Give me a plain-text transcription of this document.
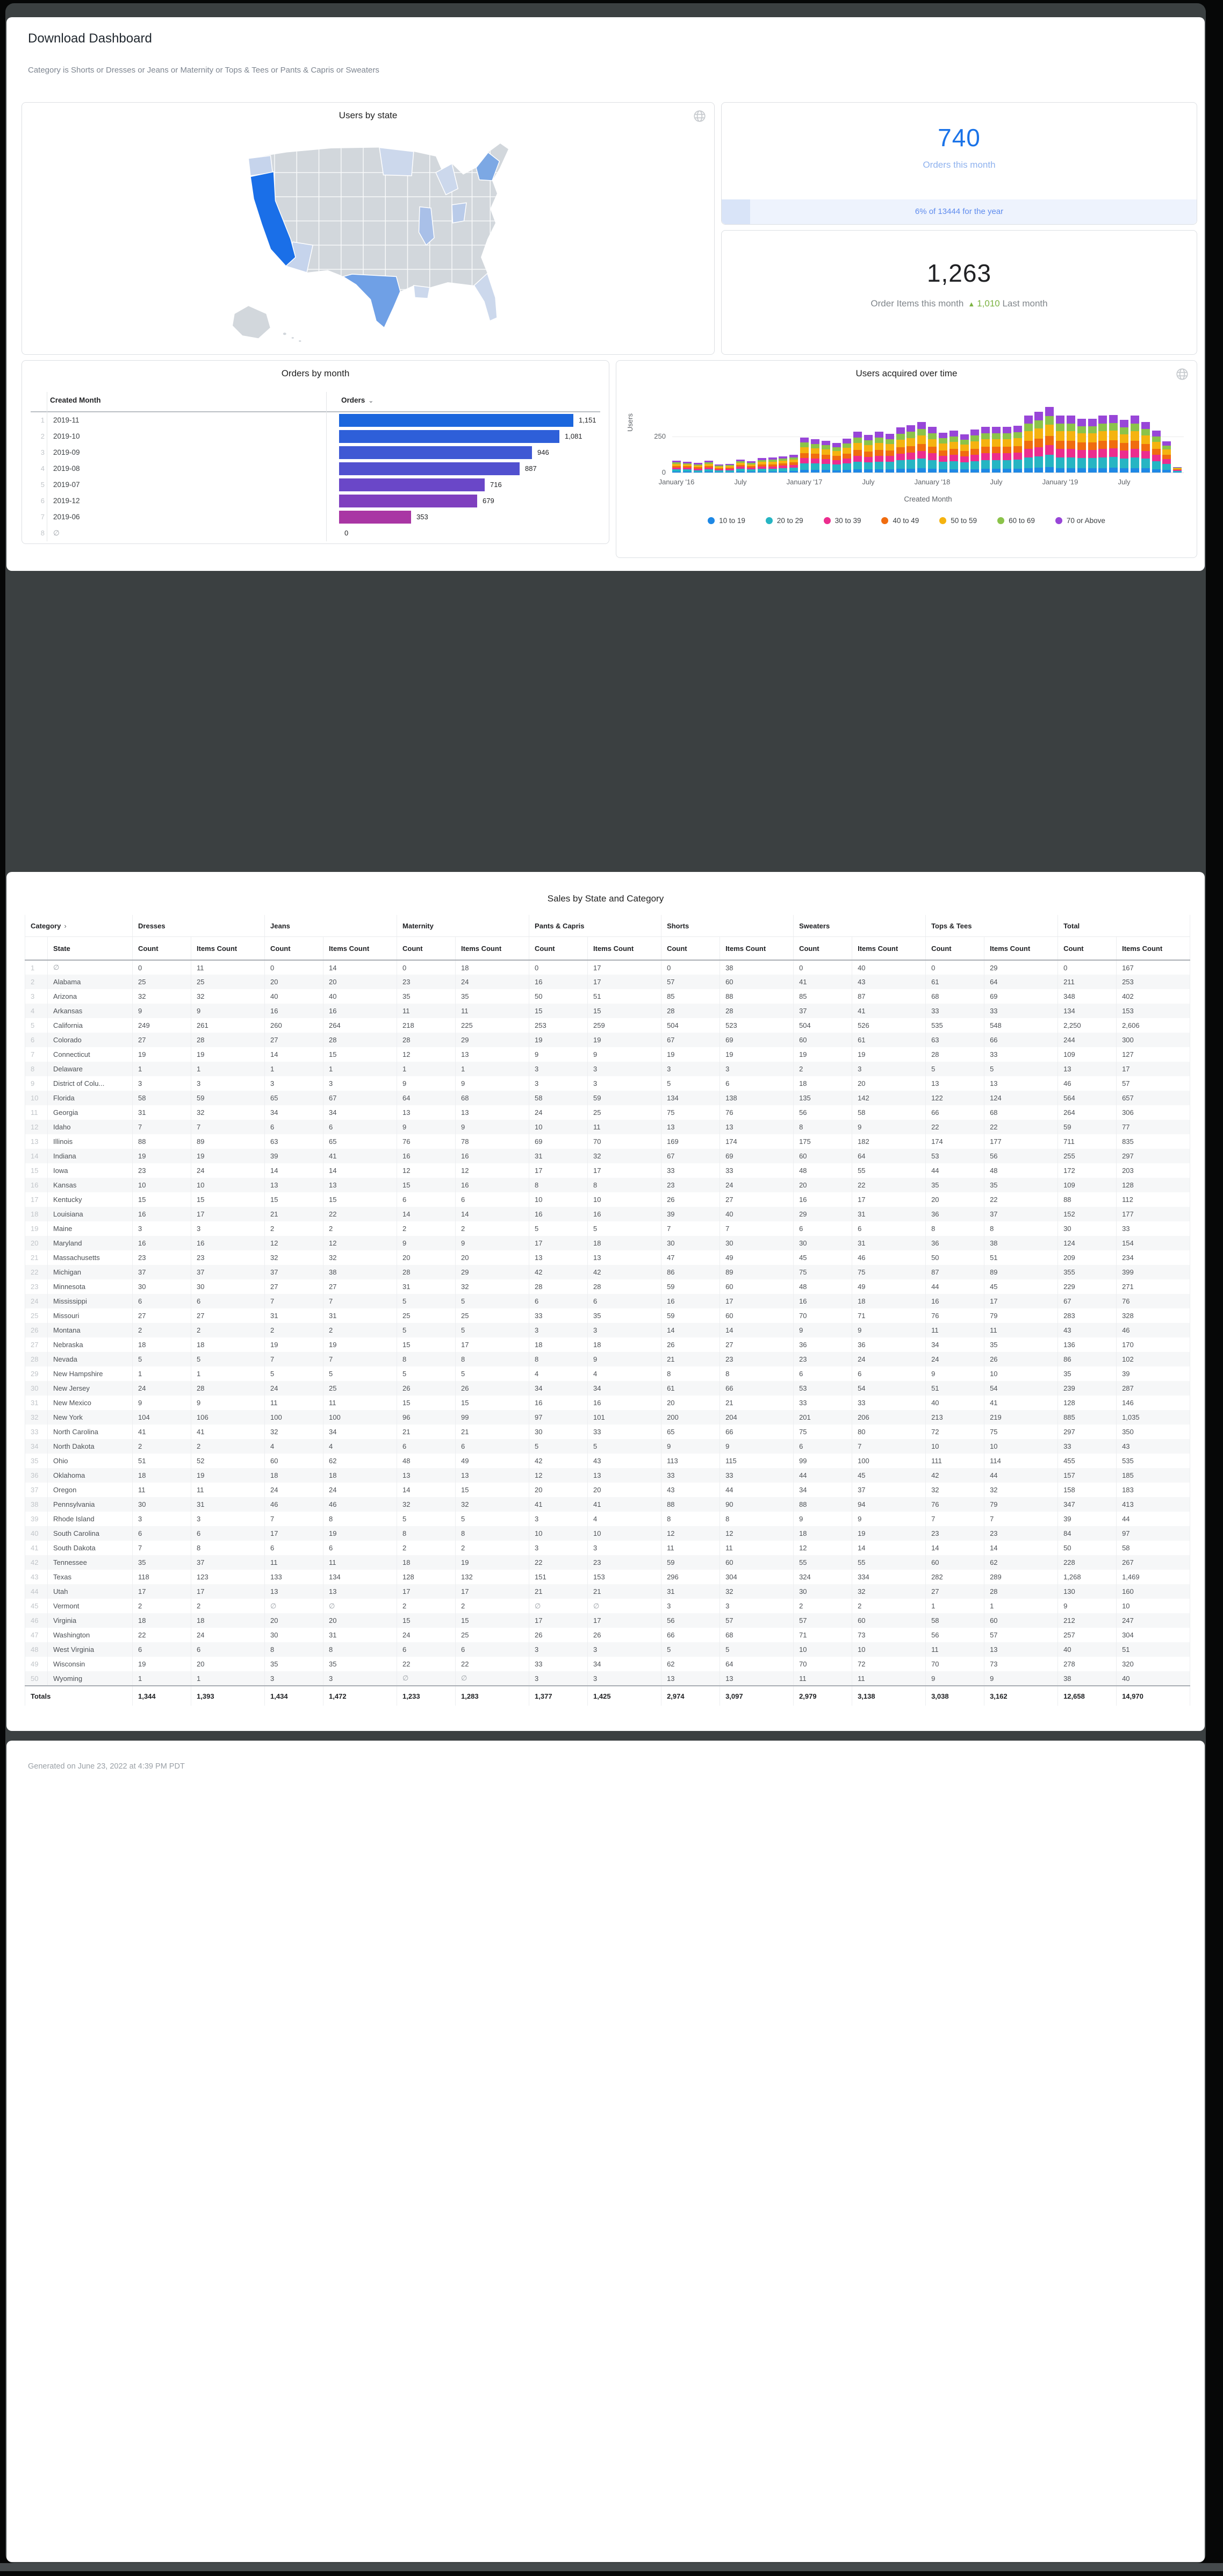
Download Dashboard
Category is Shorts or Dresses or Jeans or Maternity or Tops & Tees or Pants & Capris or Sweaters
Users by state
740
Orders this month
6% of 13444 for the year
1,263
Order Items this month ▲ 1,010 Last month
Orders by month
Created Month	Orders ⌄
1 2019-11	1,151
2 2019-10	1,081
3 2019-09	946
4 2019-08	887
5 2019-07	716
6 2019-12	679
7 2019-06	353
8 ∅	0
Users acquired over time
Users
250
0
January '16	July	January '17	July	January '18	July	January '19	July
Created Month
10 to 19	20 to 29	30 to 39	40 to 49	50 to 59	60 to 69	70 or Above
Sales by State and Category
Category ›		Dresses		Jeans		Maternity		Pants & Capris		Shorts		Sweaters		Tops & Tees		Total	
	State	Count	Items Count	Count	Items Count	Count	Items Count	Count	Items Count	Count	Items Count	Count	Items Count	Count	Items Count	Count	Items Count
1	∅	0	11	0	14	0	18	0	17	0	38	0	40	0	29	0	167
2	Alabama	25	25	20	20	23	24	16	17	57	60	41	43	61	64	211	253
3	Arizona	32	32	40	40	35	35	50	51	85	88	85	87	68	69	348	402
4	Arkansas	9	9	16	16	11	11	15	15	28	28	37	41	33	33	134	153
5	California	249	261	260	264	218	225	253	259	504	523	504	526	535	548	2,250	2,606
6	Colorado	27	28	27	28	28	29	19	19	67	69	60	61	63	66	244	300
7	Connecticut	19	19	14	15	12	13	9	9	19	19	19	19	28	33	109	127
8	Delaware	1	1	1	1	1	1	3	3	3	3	2	3	5	5	13	17
9	District of Colu...	3	3	3	3	9	9	3	3	5	6	18	20	13	13	46	57
10	Florida	58	59	65	67	64	68	58	59	134	138	135	142	122	124	564	657
11	Georgia	31	32	34	34	13	13	24	25	75	76	56	58	66	68	264	306
12	Idaho	7	7	6	6	9	9	10	11	13	13	8	9	22	22	59	77
13	Illinois	88	89	63	65	76	78	69	70	169	174	175	182	174	177	711	835
14	Indiana	19	19	39	41	16	16	31	32	67	69	60	64	53	56	255	297
15	Iowa	23	24	14	14	12	12	17	17	33	33	48	55	44	48	172	203
16	Kansas	10	10	13	13	15	16	8	8	23	24	20	22	35	35	109	128
17	Kentucky	15	15	15	15	6	6	10	10	26	27	16	17	20	22	88	112
18	Louisiana	16	17	21	22	14	14	16	16	39	40	29	31	36	37	152	177
19	Maine	3	3	2	2	2	2	5	5	7	7	6	6	8	8	30	33
20	Maryland	16	16	12	12	9	9	17	18	30	30	30	31	36	38	124	154
21	Massachusetts	23	23	32	32	20	20	13	13	47	49	45	46	50	51	209	234
22	Michigan	37	37	37	38	28	29	42	42	86	89	75	75	87	89	355	399
23	Minnesota	30	30	27	27	31	32	28	28	59	60	48	49	44	45	229	271
24	Mississippi	6	6	7	7	5	5	6	6	16	17	16	18	16	17	67	76
25	Missouri	27	27	31	31	25	25	33	35	59	60	70	71	76	79	283	328
26	Montana	2	2	2	2	5	5	3	3	14	14	9	9	11	11	43	46
27	Nebraska	18	18	19	19	15	17	18	18	26	27	36	36	34	35	136	170
28	Nevada	5	5	7	7	8	8	8	9	21	23	23	24	24	26	86	102
29	New Hampshire	1	1	5	5	5	5	4	4	8	8	6	6	9	10	35	39
30	New Jersey	24	28	24	25	26	26	34	34	61	66	53	54	51	54	239	287
31	New Mexico	9	9	11	11	15	15	16	16	20	21	33	33	40	41	128	146
32	New York	104	106	100	100	96	99	97	101	200	204	201	206	213	219	885	1,035
33	North Carolina	41	41	32	34	21	21	30	33	65	66	75	80	72	75	297	350
34	North Dakota	2	2	4	4	6	6	5	5	9	9	6	7	10	10	33	43
35	Ohio	51	52	60	62	48	49	42	43	113	115	99	100	111	114	455	535
36	Oklahoma	18	19	18	18	13	13	12	13	33	33	44	45	42	44	157	185
37	Oregon	11	11	24	24	14	15	20	20	43	44	34	37	32	32	158	183
38	Pennsylvania	30	31	46	46	32	32	41	41	88	90	88	94	76	79	347	413
39	Rhode Island	3	3	7	8	5	5	3	4	8	8	9	9	7	7	39	44
40	South Carolina	6	6	17	19	8	8	10	10	12	12	18	19	23	23	84	97
41	South Dakota	7	8	6	6	2	2	3	3	11	11	12	14	14	14	50	58
42	Tennessee	35	37	11	11	18	19	22	23	59	60	55	55	60	62	228	267
43	Texas	118	123	133	134	128	132	151	153	296	304	324	334	282	289	1,268	1,469
44	Utah	17	17	13	13	17	17	21	21	31	32	30	32	27	28	130	160
45	Vermont	2	2	∅	∅	2	2	∅	∅	3	3	2	2	1	1	9	10
46	Virginia	18	18	20	20	15	15	17	17	56	57	57	60	58	60	212	247
47	Washington	22	24	30	31	24	25	26	26	66	68	71	73	56	57	257	304
48	West Virginia	6	6	8	8	6	6	3	3	5	5	10	10	11	13	40	51
49	Wisconsin	19	20	35	35	22	22	33	34	62	64	70	72	70	73	278	320
50	Wyoming	1	1	3	3	∅	∅	3	3	13	13	11	11	9	9	38	40
Totals		1,344	1,393	1,434	1,472	1,233	1,283	1,377	1,425	2,974	3,097	2,979	3,138	3,038	3,162	12,658	14,970
Generated on June 23, 2022 at 4:39 PM PDT
